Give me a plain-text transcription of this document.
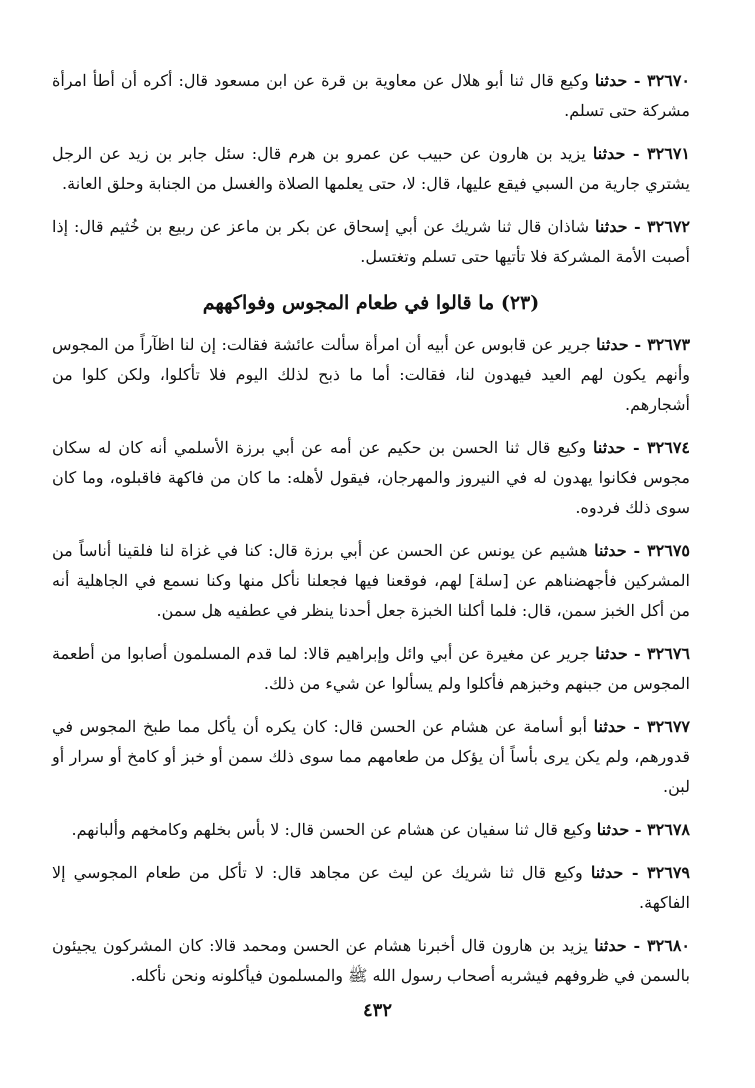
٣٢٦٧٠ - حدثنا وكيع قال ثنا أبو هلال عن معاوية بن قرة عن ابن مسعود قال: أكره أن أطأ امرأة مشركة حتى تسلم.

٣٢٦٧١ - حدثنا يزيد بن هارون عن حبيب عن عمرو بن هرم قال: سئل جابر بن زيد عن الرجل يشتري جارية من السبي فيقع عليها، قال: لا، حتى يعلمها الصلاة والغسل من الجنابة وحلق العانة.

٣٢٦٧٢ - حدثنا شاذان قال ثنا شريك عن أبي إسحاق عن بكر بن ماعز عن ربيع بن خُثيم قال: إذا أصبت الأمة المشركة فلا تأتيها حتى تسلم وتغتسل.

(٢٣) ما قالوا في طعام المجوس وفواكههم

٣٢٦٧٣ - حدثنا جرير عن قابوس عن أبيه أن امرأة سألت عائشة فقالت: إن لنا اظآراً من المجوس وأنهم يكون لهم العيد فيهدون لنا، فقالت: أما ما ذبح لذلك اليوم فلا تأكلوا، ولكن كلوا من أشجارهم.

٣٢٦٧٤ - حدثنا وكيع قال ثنا الحسن بن حكيم عن أمه عن أبي برزة الأسلمي أنه كان له سكان مجوس فكانوا يهدون له في النيروز والمهرجان، فيقول لأهله: ما كان من فاكهة فاقبلوه، وما كان سوى ذلك فردوه.

٣٢٦٧٥ - حدثنا هشيم عن يونس عن الحسن عن أبي برزة قال: كنا في غزاة لنا فلقينا أناساً من المشركين فأجهضناهم عن [سلة] لهم، فوقعنا فيها فجعلنا نأكل منها وكنا نسمع في الجاهلية أنه من أكل الخبز سمن، قال: فلما أكلنا الخبزة جعل أحدنا ينظر في عطفيه هل سمن.

٣٢٦٧٦ - حدثنا جرير عن مغيرة عن أبي وائل وإبراهيم قالا: لما قدم المسلمون أصابوا من أطعمة المجوس من جبنهم وخبزهم فأكلوا ولم يسألوا عن شيء من ذلك.

٣٢٦٧٧ - حدثنا أبو أسامة عن هشام عن الحسن قال: كان يكره أن يأكل مما طبخ المجوس في قدورهم، ولم يكن يرى بأساً أن يؤكل من طعامهم مما سوى ذلك سمن أو خبز أو كامخ أو سرار أو لبن.

٣٢٦٧٨ - حدثنا وكيع قال ثنا سفيان عن هشام عن الحسن قال: لا بأس بخلهم وكامخهم وألبانهم.

٣٢٦٧٩ - حدثنا وكيع قال ثنا شريك عن ليث عن مجاهد قال: لا تأكل من طعام المجوسي إلا الفاكهة.

٣٢٦٨٠ - حدثنا يزيد بن هارون قال أخبرنا هشام عن الحسن ومحمد قالا: كان المشركون يجيئون بالسمن في ظروفهم فيشربه أصحاب رسول الله ﷺ والمسلمون فيأكلونه ونحن نأكله.

٤٣٢
